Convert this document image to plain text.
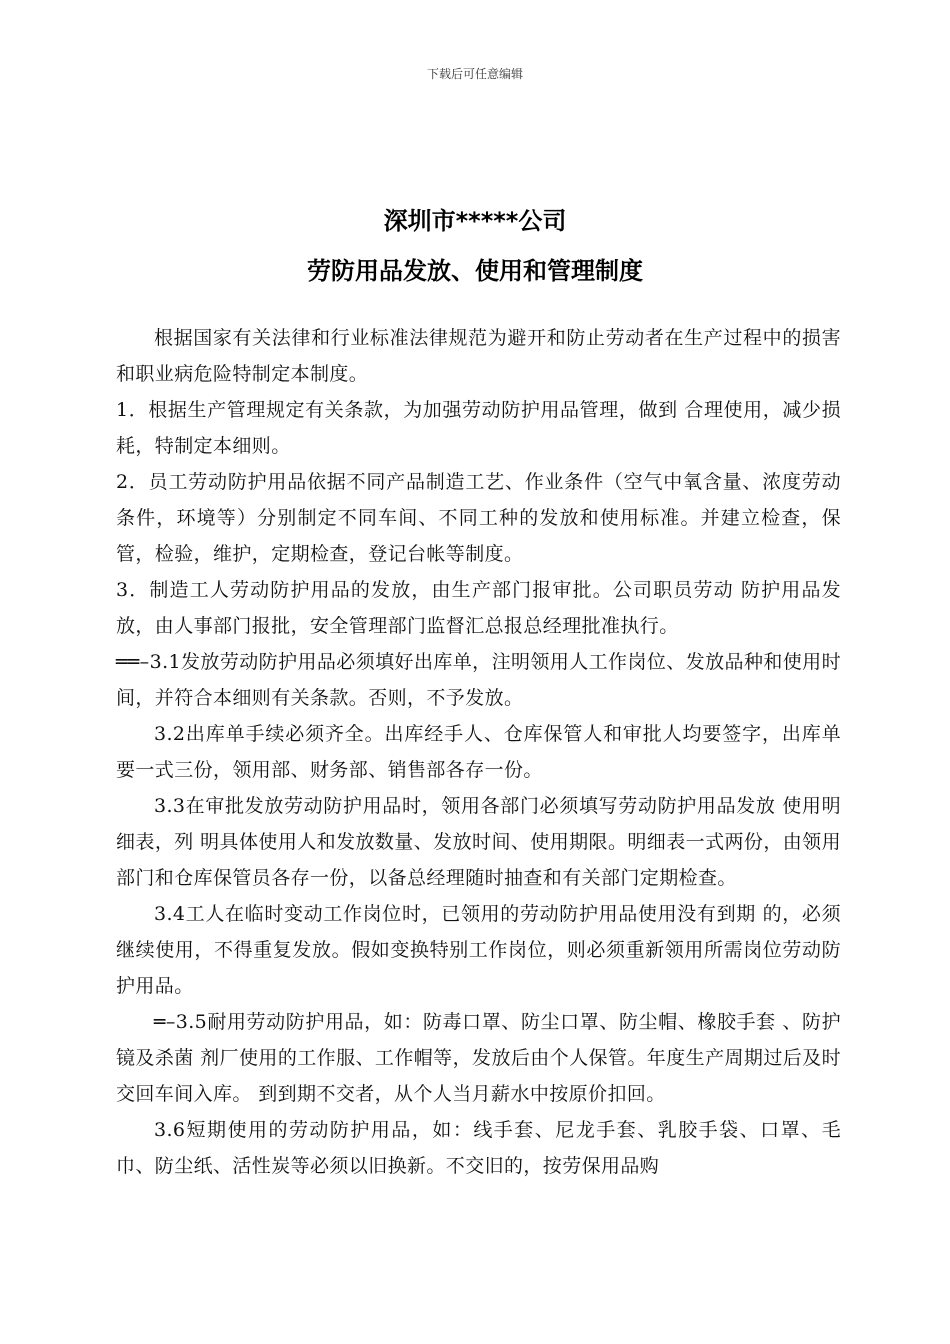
下载后可任意编辑
深圳市*****公司
劳防用品发放、使用和管理制度

根据国家有关法律和行业标准法律规范为避开和防止劳动者在生产过程中的损害和职业病危险特制定本制度。

1．根据生产管理规定有关条款，为加强劳动防护用品管理，做到 合理使用，减少损耗，特制定本细则。

2．员工劳动防护用品依据不同产品制造工艺、作业条件（空气中氧含量、浓度劳动条件，环境等）分别制定不同车间、不同工种的发放和使用标准。并建立检查，保管，检验，维护，定期检查，登记台帐等制度。

3．制造工人劳动防护用品的发放，由生产部门报审批。公司职员劳动 防护用品发放，由人事部门报批，安全管理部门监督汇总报总经理批准执行。

══–3.1发放劳动防护用品必须填好出库单，注明领用人工作岗位、发放品种和使用时间，并符合本细则有关条款。否则，不予发放。

3.2出库单手续必须齐全。出库经手人、仓库保管人和审批人均要签字，出库单要一式三份，领用部、财务部、销售部各存一份。

3.3在审批发放劳动防护用品时，领用各部门必须填写劳动防护用品发放 使用明细表，列 明具体使用人和发放数量、发放时间、使用期限。明细表一式两份，由领用部门和仓库保管员各存一份，以备总经理随时抽查和有关部门定期检查。

3.4工人在临时变动工作岗位时，已领用的劳动防护用品使用没有到期 的，必须继续使用，不得重复发放。假如变换特别工作岗位，则必须重新领用所需岗位劳动防护用品。

═–3.5耐用劳动防护用品，如：防毒口罩、防尘口罩、防尘帽、橡胶手套 、防护镜及杀菌 剂厂使用的工作服、工作帽等，发放后由个人保管。年度生产周期过后及时交回车间入库。 到到期不交者，从个人当月薪水中按原价扣回。

3.6短期使用的劳动防护用品，如：线手套、尼龙手套、乳胶手袋、口罩、毛巾、防尘纸、活性炭等必须以旧换新。不交旧的，按劳保用品购
